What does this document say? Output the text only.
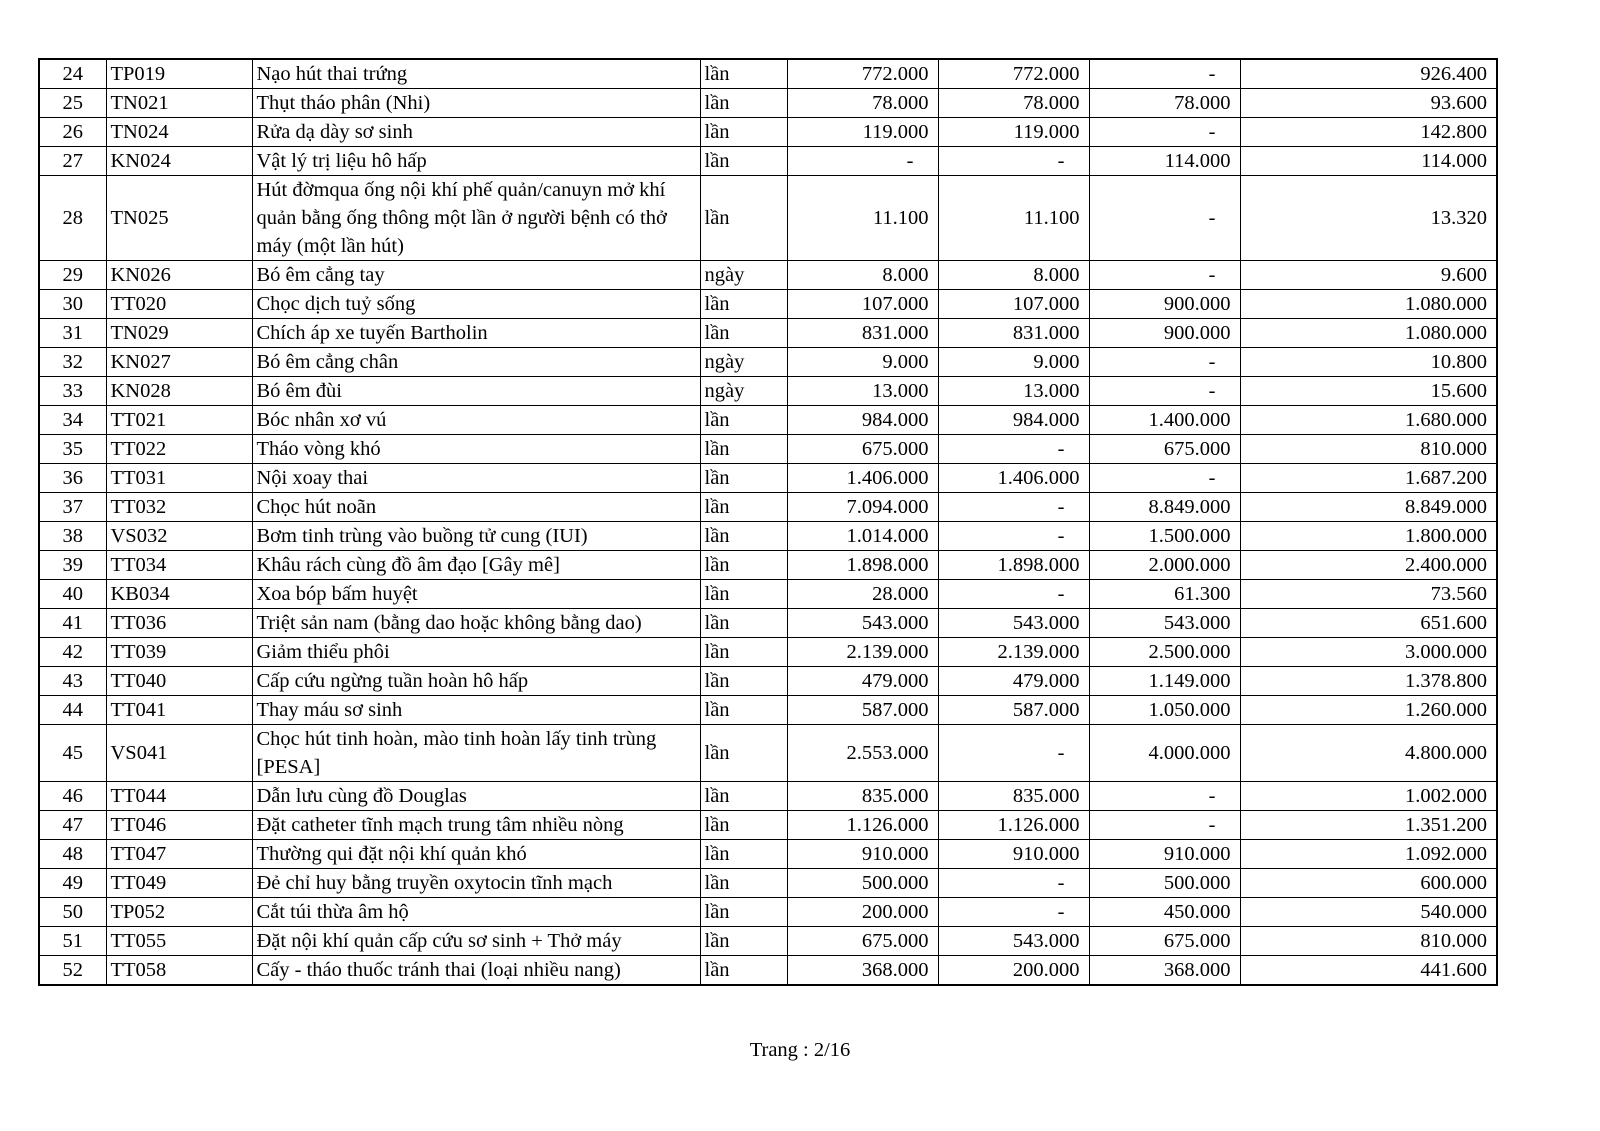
24	TP019	Nạo hút thai trứng	lần	772.000	772.000	-	926.400
25	TN021	Thụt tháo phân (Nhi)	lần	78.000	78.000	78.000	93.600
26	TN024	Rửa dạ dày sơ sinh	lần	119.000	119.000	-	142.800
27	KN024	Vật lý trị liệu hô hấp	lần	-	-	114.000	114.000
28	TN025	Hút đờmqua ống nội khí phế quản/canuyn mở khí quản bằng ống thông một lần ở người bệnh có thở máy (một lần hút)	lần	11.100	11.100	-	13.320
29	KN026	Bó êm cẳng tay	ngày	8.000	8.000	-	9.600
30	TT020	Chọc dịch tuỷ sống	lần	107.000	107.000	900.000	1.080.000
31	TN029	Chích áp xe tuyến Bartholin	lần	831.000	831.000	900.000	1.080.000
32	KN027	Bó êm cẳng chân	ngày	9.000	9.000	-	10.800
33	KN028	Bó êm đùi	ngày	13.000	13.000	-	15.600
34	TT021	Bóc nhân xơ vú	lần	984.000	984.000	1.400.000	1.680.000
35	TT022	Tháo vòng khó	lần	675.000	-	675.000	810.000
36	TT031	Nội xoay thai	lần	1.406.000	1.406.000	-	1.687.200
37	TT032	Chọc hút noãn	lần	7.094.000	-	8.849.000	8.849.000
38	VS032	Bơm tinh trùng vào buồng tử cung (IUI)	lần	1.014.000	-	1.500.000	1.800.000
39	TT034	Khâu rách cùng đồ âm đạo [Gây mê]	lần	1.898.000	1.898.000	2.000.000	2.400.000
40	KB034	Xoa bóp bấm huyệt	lần	28.000	-	61.300	73.560
41	TT036	Triệt sản nam (bằng dao hoặc không bằng dao)	lần	543.000	543.000	543.000	651.600
42	TT039	Giảm thiểu phôi	lần	2.139.000	2.139.000	2.500.000	3.000.000
43	TT040	Cấp cứu ngừng tuần hoàn hô hấp	lần	479.000	479.000	1.149.000	1.378.800
44	TT041	Thay máu sơ sinh	lần	587.000	587.000	1.050.000	1.260.000
45	VS041	Chọc hút tinh hoàn, mào tinh hoàn lấy tinh trùng [PESA]	lần	2.553.000	-	4.000.000	4.800.000
46	TT044	Dẫn lưu cùng đồ Douglas	lần	835.000	835.000	-	1.002.000
47	TT046	Đặt catheter tĩnh mạch trung tâm nhiều nòng	lần	1.126.000	1.126.000	-	1.351.200
48	TT047	Thường qui đặt nội khí quản khó	lần	910.000	910.000	910.000	1.092.000
49	TT049	Đẻ chỉ huy bằng truyền oxytocin tĩnh mạch	lần	500.000	-	500.000	600.000
50	TP052	Cắt túi thừa âm hộ	lần	200.000	-	450.000	540.000
51	TT055	Đặt nội khí quản cấp cứu sơ sinh + Thở máy	lần	675.000	543.000	675.000	810.000
52	TT058	Cấy - tháo thuốc tránh thai (loại nhiều nang)	lần	368.000	200.000	368.000	441.600
Trang : 2/16
